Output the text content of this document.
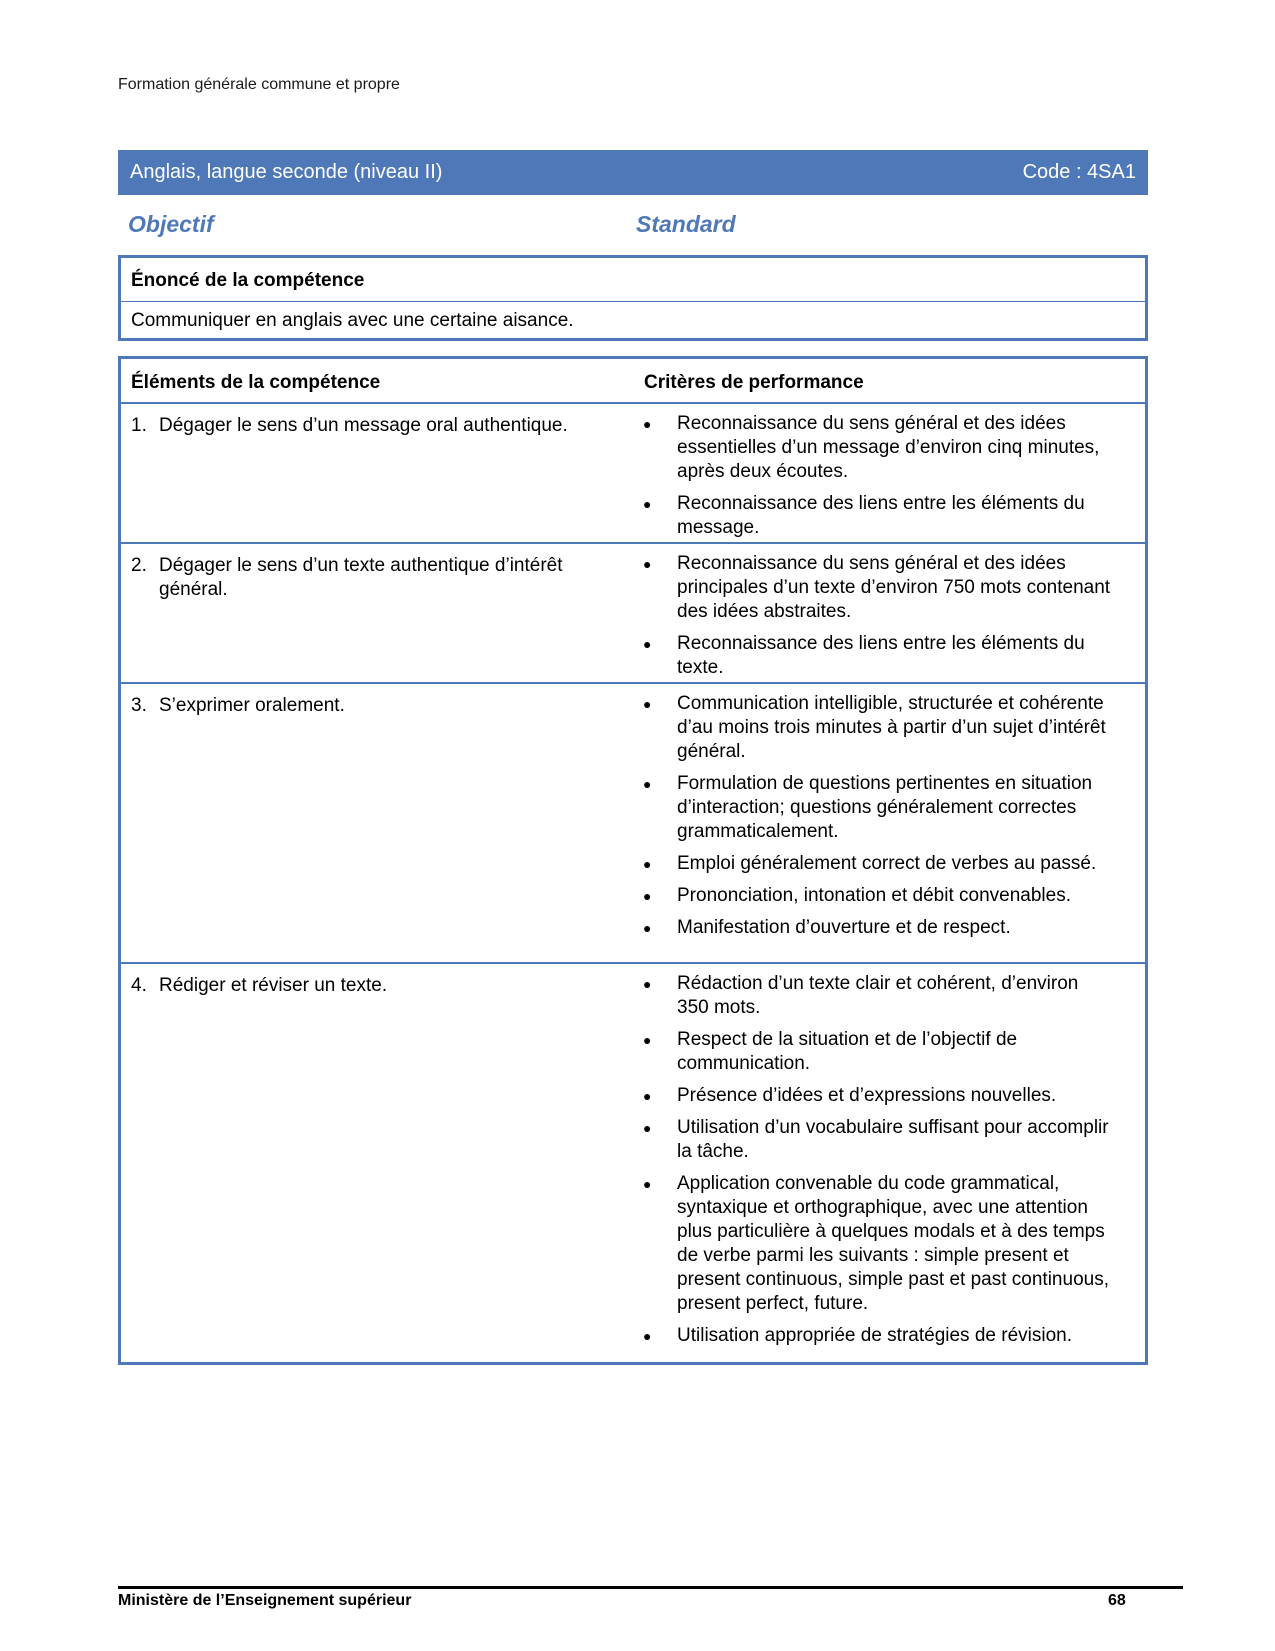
Formation générale commune et propre
Anglais, langue seconde (niveau II)	Code : 4SA1
Objectif	Standard
Énoncé de la compétence
Communiquer en anglais avec une certaine aisance.
Éléments de la compétence	Critères de performance
1. Dégager le sens d’un message oral authentique.	●	Reconnaissance du sens général et des idées essentielles d’un message d’environ cinq minutes, après deux écoutes.
●	Reconnaissance des liens entre les éléments du message.
2. Dégager le sens d’un texte authentique d’intérêt général.
●	Reconnaissance du sens général et des idées principales d’un texte d’environ 750 mots contenant des idées abstraites.
●	Reconnaissance des liens entre les éléments du texte.
3. S’exprimer oralement.	●	Communication intelligible, structurée et cohérente d’au moins trois minutes à partir d’un sujet d’intérêt général.
●	Formulation de questions pertinentes en situation d’interaction; questions généralement correctes grammaticalement.
●	Emploi généralement correct de verbes au passé.
●	Prononciation, intonation et débit convenables.
●	Manifestation d’ouverture et de respect.
4. Rédiger et réviser un texte.	●	Rédaction d’un texte clair et cohérent, d’environ 350 mots.
●	Respect de la situation et de l’objectif de communication.
●	Présence d’idées et d’expressions nouvelles.
●	Utilisation d’un vocabulaire suffisant pour accomplir la tâche.
●	Application convenable du code grammatical, syntaxique et orthographique, avec une attention plus particulière à quelques modals et à des temps de verbe parmi les suivants : simple present et present continuous, simple past et past continuous, present perfect, future.
●	Utilisation appropriée de stratégies de révision.
Ministère de l’Enseignement supérieur	68
